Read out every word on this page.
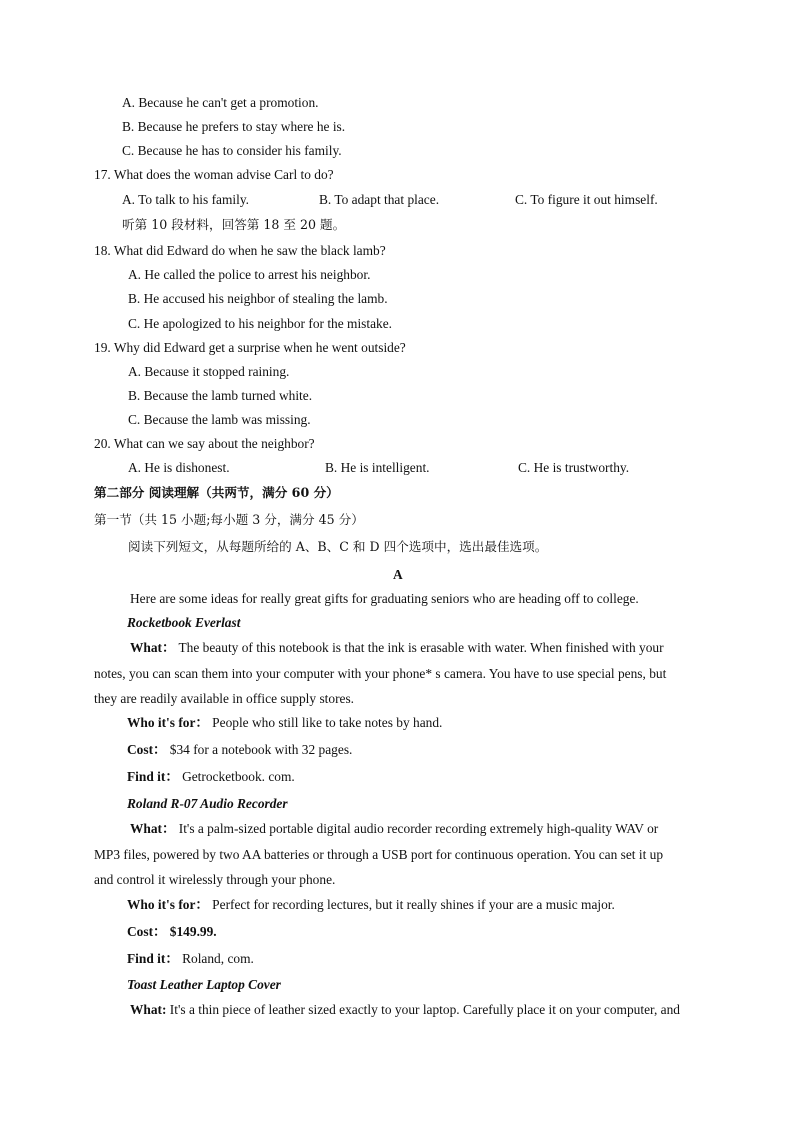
A. Because he can't get a promotion.
B. Because he prefers to stay where he is.
C. Because he has to consider his family.
17. What does the woman advise Carl to do?
A. To talk to his family.	B. To adapt that place.	C. To figure it out himself.
听第 10 段材料，回答第 18 至 20 题。
18. What did Edward do when he saw the black lamb?
A. He called the police to arrest his neighbor.
B. He accused his neighbor of stealing the lamb.
C. He apologized to his neighbor for the mistake.
19. Why did Edward get a surprise when he went outside?
A. Because it stopped raining.
B. Because the lamb turned white.
C. Because the lamb was missing.
20. What can we say about the neighbor?
A. He is dishonest.	B. He is intelligent.	C. He is trustworthy.
第二部分 阅读理解（共两节，满分 60 分）
第一节（共 15 小题;每小题 3 分，满分 45 分）
阅读下列短文，从每题所给的 A、B、C 和 D 四个选项中，选出最佳选项。
A
Here are some ideas for really great gifts for graduating seniors who are heading off to college.
Rocketbook Everlast
What： The beauty of this notebook is that the ink is erasable with water. When finished with your
notes, you can scan them into your computer with your phone* s camera. You have to use special pens, but
they are readily available in office supply stores.
Who it's for： People who still like to take notes by hand.
Cost： $34 for a notebook with 32 pages.
Find it： Getrocketbook. com.
Roland R-07 Audio Recorder
What： It's a palm-sized portable digital audio recorder recording extremely high-quality WAV or
MP3 files, powered by two AA batteries or through a USB port for continuous operation. You can set it up
and control it wirelessly through your phone.
Who it's for： Perfect for recording lectures, but it really shines if your are a music major.
Cost： $149.99.
Find it： Roland, com.
Toast Leather Laptop Cover
What: It's a thin piece of leather sized exactly to your laptop. Carefully place it on your computer, and
